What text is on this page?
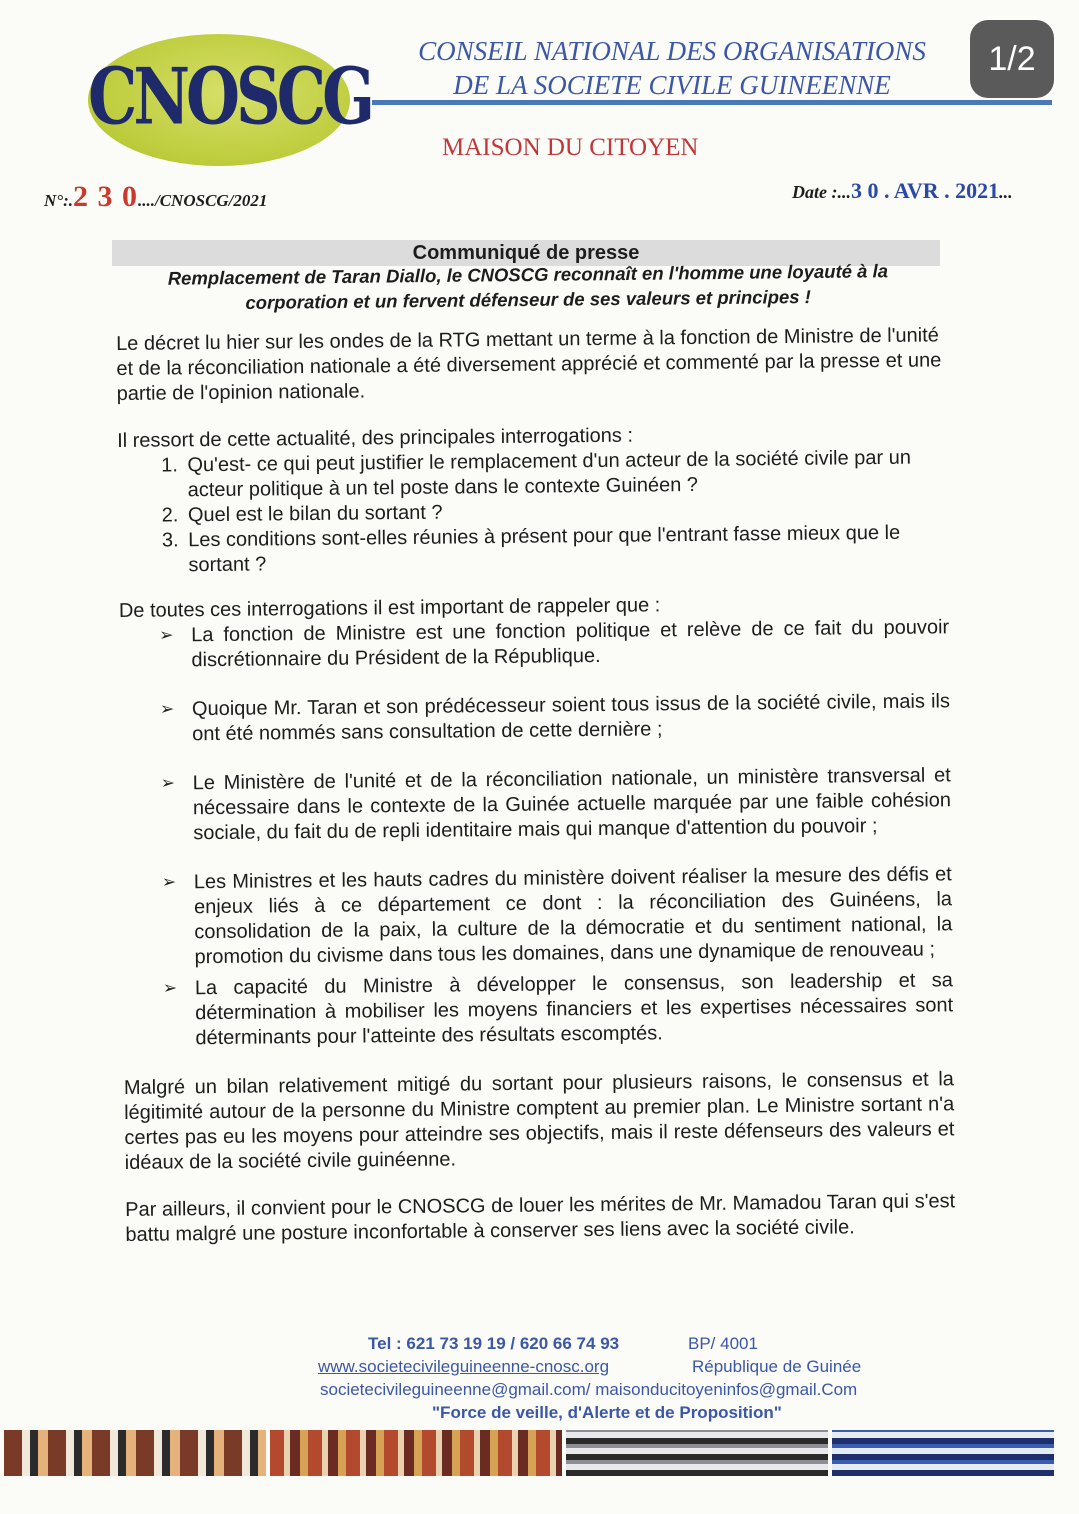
CNOSCG	CONSEIL NATIONAL DES ORGANISATIONS
DE LA SOCIETE CIVILE GUINEENNE
MAISON DU CITOYEN
1/2
N°:.2 3 0..../CNOSCG/2021	Date :...3 0 . AVR . 2021...
Communiqué de presse
Remplacement de Taran Diallo, le CNOSCG reconnaît en l'homme une loyauté à la corporation et un fervent défenseur de ses valeurs et principes !

Le décret lu hier sur les ondes de la RTG mettant un terme à la fonction de Ministre de l'unité et de la réconciliation nationale a été diversement apprécié et commenté par la presse et une partie de l'opinion nationale.

Il ressort de cette actualité, des principales interrogations :
1. Qu'est- ce qui peut justifier le remplacement d'un acteur de la société civile par un acteur politique à un tel poste dans le contexte Guinéen ?
2. Quel est le bilan du sortant ?
3. Les conditions sont-elles réunies à présent pour que l'entrant fasse mieux que le sortant ?
De toutes ces interrogations il est important de rappeler que :
➢ La fonction de Ministre est une fonction politique et relève de ce fait du pouvoir discrétionnaire du Président de la République.
➢ Quoique Mr. Taran et son prédécesseur soient tous issus de la société civile, mais ils ont été nommés sans consultation de cette dernière ;
➢ Le Ministère de l'unité et de la réconciliation nationale, un ministère transversal et nécessaire dans le contexte de la Guinée actuelle marquée par une faible cohésion sociale, du fait du de repli identitaire mais qui manque d'attention du pouvoir ;
➢ Les Ministres et les hauts cadres du ministère doivent réaliser la mesure des défis et enjeux liés à ce département ce dont : la réconciliation des Guinéens, la consolidation de la paix, la culture de la démocratie et du sentiment national, la promotion du civisme dans tous les domaines, dans une dynamique de renouveau ;
➢ La capacité du Ministre à développer le consensus, son leadership et sa détermination à mobiliser les moyens financiers et les expertises nécessaires sont déterminants pour l'atteinte des résultats escomptés.

Malgré un bilan relativement mitigé du sortant pour plusieurs raisons, le consensus et la légitimité autour de la personne du Ministre comptent au premier plan. Le Ministre sortant n'a certes pas eu les moyens pour atteindre ses objectifs, mais il reste défenseurs des valeurs et idéaux de la société civile guinéenne.

Par ailleurs, il convient pour le CNOSCG de louer les mérites de Mr. Mamadou Taran qui s'est battu malgré une posture inconfortable à conserver ses liens avec la société civile.

Tel : 621 73 19 19 / 620 66 74 93	BP/ 4001
www.societecivileguineenne-cnosc.org	République de Guinée
societecivileguineenne@gmail.com/ maisonducitoyeninfos@gmail.Com
"Force de veille, d'Alerte et de Proposition"
